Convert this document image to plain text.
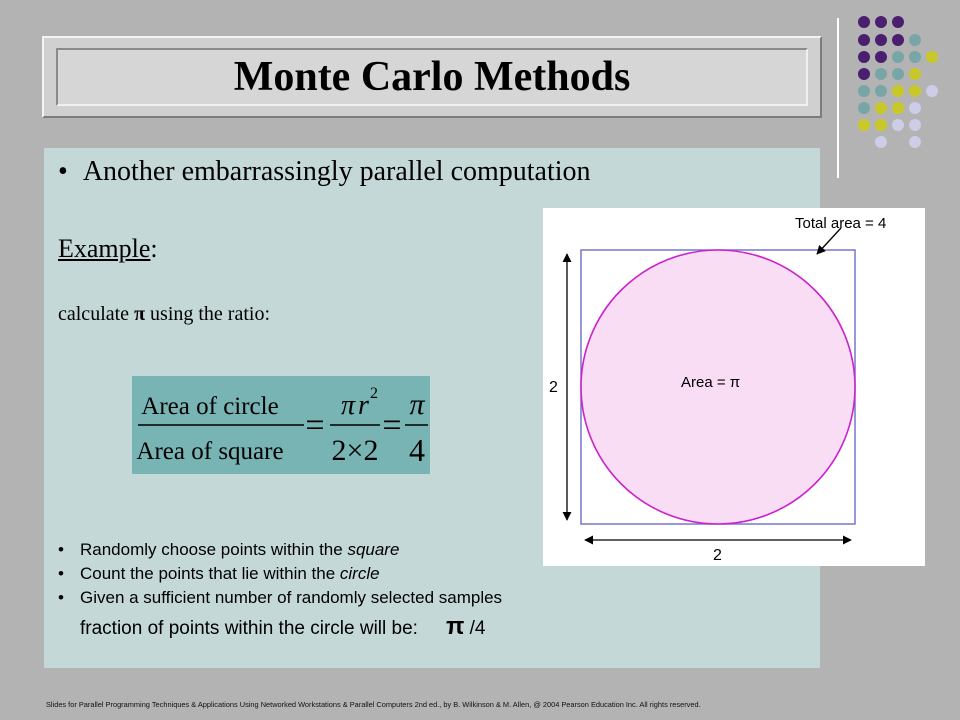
Monte Carlo Methods
• Another embarrassingly parallel computation
Example:
calculate π using the ratio:
Area of circle
Area of square
=
π r 2
2×2
=
π
4
• Randomly choose points within the square
• Count the points that lie within the circle
• Given a sufficient number of randomly selected samples
fraction of points within the circle will be: π /4
Total area = 4
Area = π
2
2
Slides for Parallel Programming Techniques & Applications Using Networked Workstations & Parallel Computers 2nd ed., by B. Wilkinson & M. Allen, @ 2004 Pearson Education Inc. All rights reserved.
